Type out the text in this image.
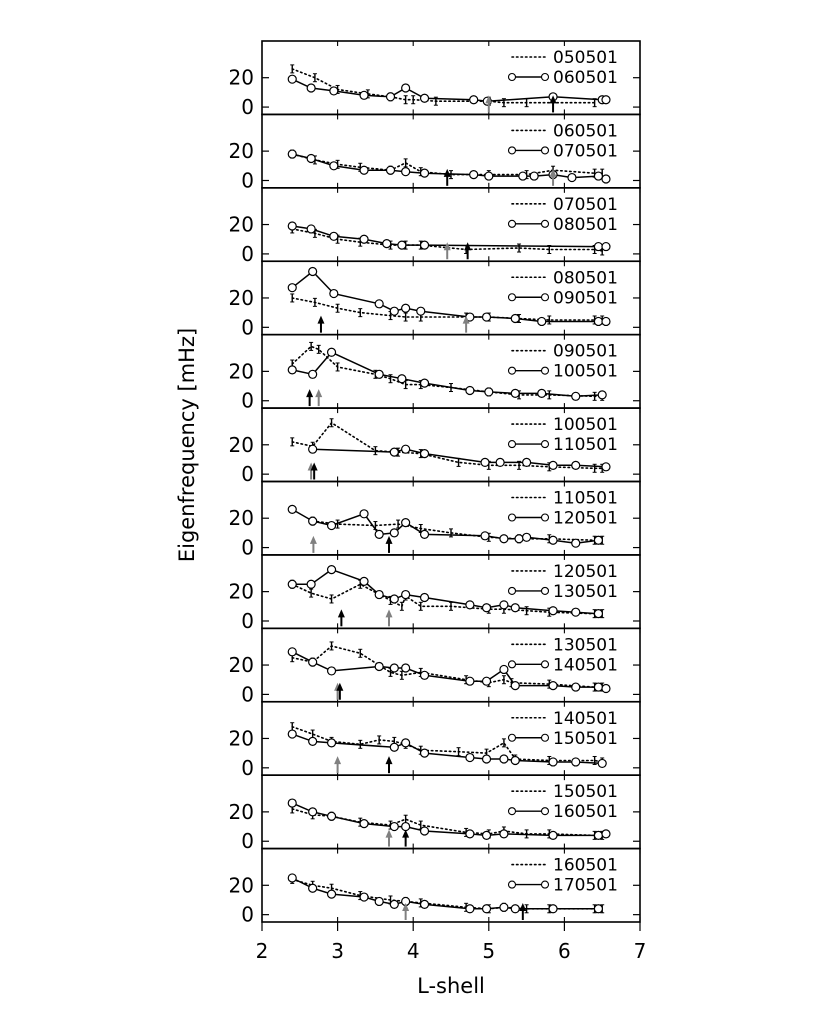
0
20
050501
060501
0
20
060501
070501
0
20
070501
080501
0
20
080501
090501
0
20
090501
100501
0
20
100501
110501
0
20
110501
120501
0
20
120501
130501
0
20
130501
140501
0
20
140501
150501
0
20
150501
160501
0
20
160501
170501
2	3	4	5	6	7
L-shell
Eigenfrequency [mHz]
